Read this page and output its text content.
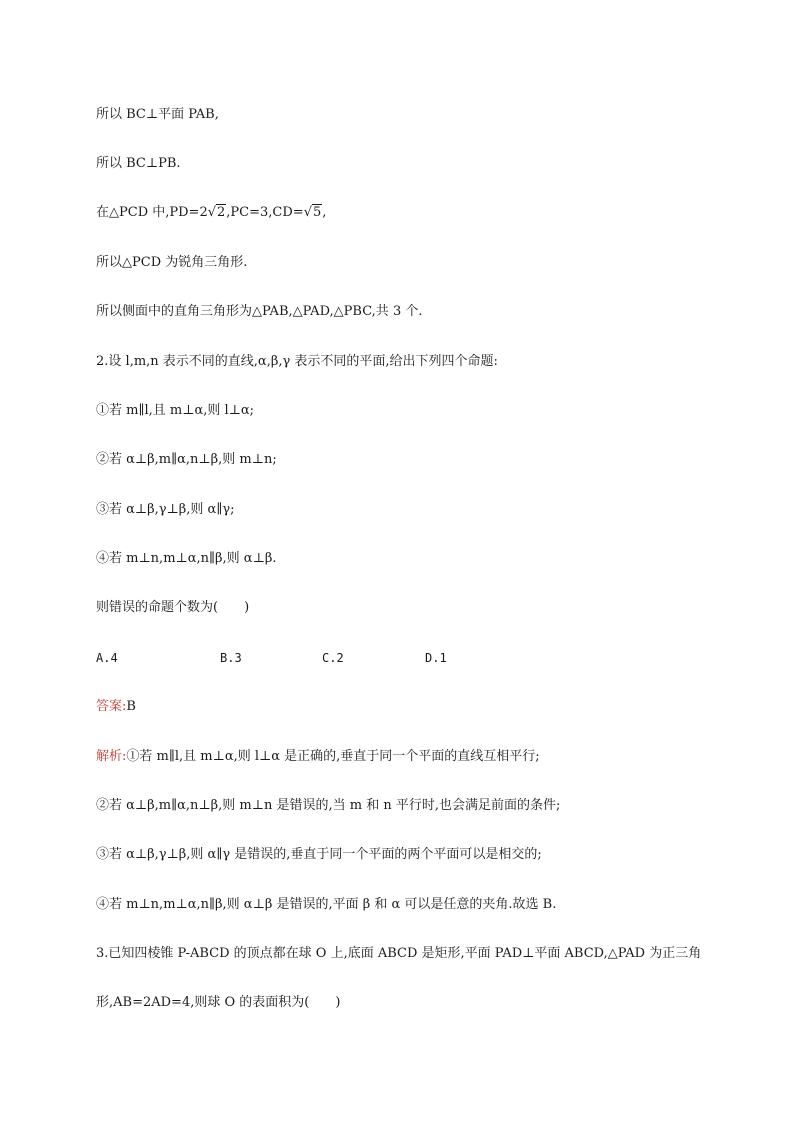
所以 BC⊥平面 PAB,
所以 BC⊥PB.
在△PCD 中,PD=2√2,PC=3,CD=√5,
所以△PCD 为锐角三角形.
所以侧面中的直角三角形为△PAB,△PAD,△PBC,共 3 个.
2.设 l,m,n 表示不同的直线,α,β,γ 表示不同的平面,给出下列四个命题:
①若 m∥l,且 m⊥α,则 l⊥α;
②若 α⊥β,m∥α,n⊥β,则 m⊥n;
③若 α⊥β,γ⊥β,则 α∥γ;
④若 m⊥n,m⊥α,n∥β,则 α⊥β.
则错误的命题个数为(　　)
A.4	B.3	C.2	D.1
答案:B
解析:①若 m∥l,且 m⊥α,则 l⊥α 是正确的,垂直于同一个平面的直线互相平行;
②若 α⊥β,m∥α,n⊥β,则 m⊥n 是错误的,当 m 和 n 平行时,也会满足前面的条件;
③若 α⊥β,γ⊥β,则 α∥γ 是错误的,垂直于同一个平面的两个平面可以是相交的;
④若 m⊥n,m⊥α,n∥β,则 α⊥β 是错误的,平面 β 和 α 可以是任意的夹角.故选 B.
3.已知四棱锥 P-ABCD 的顶点都在球 O 上,底面 ABCD 是矩形,平面 PAD⊥平面 ABCD,△PAD 为正三角
形,AB=2AD=4,则球 O 的表面积为(　　)
